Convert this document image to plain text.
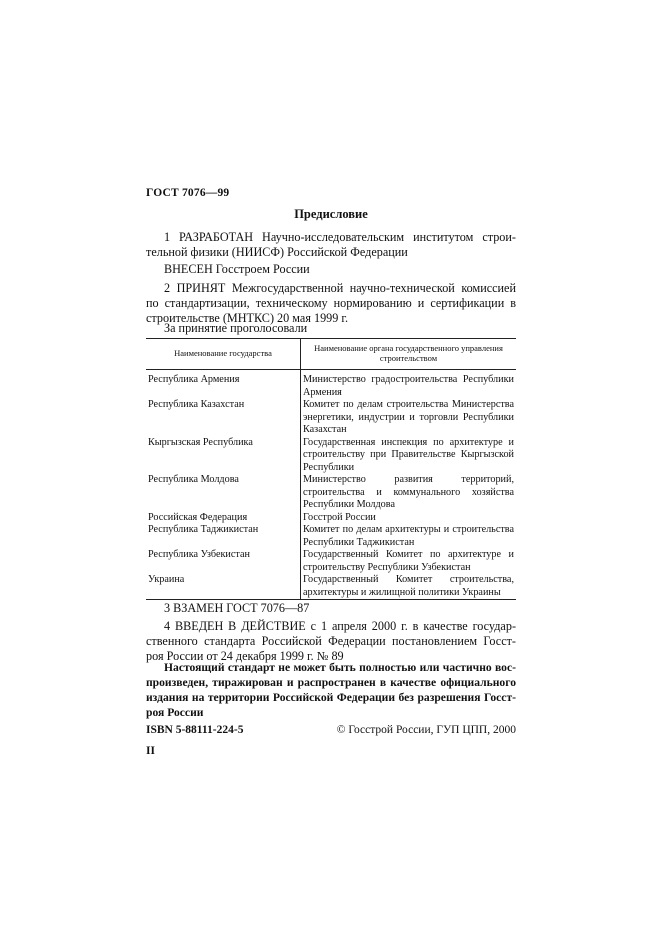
ГОСТ 7076—99
Предисловие
1 РАЗРАБОТАН Научно-исследовательским институтом строи-
тельной физики (НИИСФ) Российской Федерации
ВНЕСЕН Госстроем России
2 ПРИНЯТ Межгосударственной научно-технической комиссией
по стандартизации, техническому нормированию и сертификации в
строительстве (МНТКС) 20 мая 1999 г.
За принятие проголосовали
Наименование государства	Наименование органа государственного управления строительством

Республика Армения	Министерство градостроительства Республики Армения
Республика Казахстан	Комитет по делам строительства Министерства энергетики, индустрии и торговли Республики Казахстан
Кыргызская Республика	Государственная инспекция по архитектуре и строительству при Правительстве Кыргызской Республики
Республика Молдова	Министерство развития территорий, строительства и коммунального хозяйства Республики Молдова
Российская Федерация	Госстрой России
Республика Таджикистан	Комитет по делам архитектуры и строительства Республики Таджикистан
Республика Узбекистан	Государственный Комитет по архитектуре и строительству Республики Узбекистан
Украина	Государственный Комитет строительства, архитектуры и жилищной политики Украины
3 ВЗАМЕН ГОСТ 7076—87
4 ВВЕДЕН В ДЕЙСТВИЕ с 1 апреля 2000 г. в качестве государ-
ственного стандарта Российской Федерации постановлением Госст-
роя России от 24 декабря 1999 г. № 89
Настоящий стандарт не может быть полностью или частично вос-
произведен, тиражирован и распространен в качестве официального
издания на территории Российской Федерации без разрешения Госст-
роя России
ISBN 5-88111-224-5	© Госстрой России, ГУП ЦПП, 2000
II
